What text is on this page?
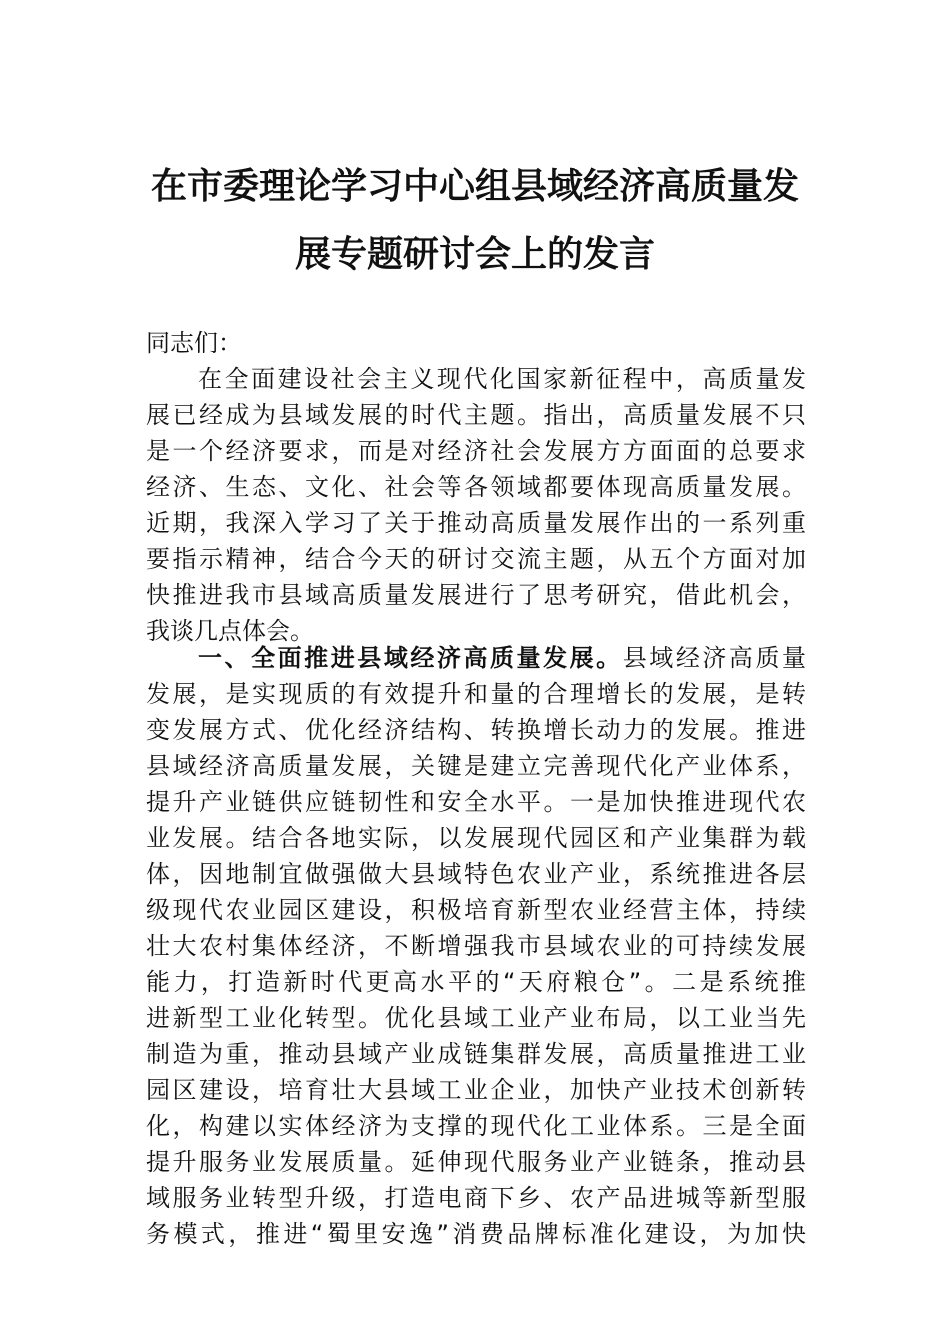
在市委理论学习中心组县域经济高质量发
展专题研讨会上的发言

同志们：

在全面建设社会主义现代化国家新征程中，高质量发
展已经成为县域发展的时代主题。指出，高质量发展不只
是一个经济要求，而是对经济社会发展方方面面的总要求
经济、生态、文化、社会等各领域都要体现高质量发展。
近期，我深入学习了关于推动高质量发展作出的一系列重
要指示精神，结合今天的研讨交流主题，从五个方面对加
快推进我市县域高质量发展进行了思考研究，借此机会，
我谈几点体会。
一、全面推进县域经济高质量发展。县域经济高质量
发展，是实现质的有效提升和量的合理增长的发展，是转
变发展方式、优化经济结构、转换增长动力的发展。推进
县域经济高质量发展，关键是建立完善现代化产业体系，
提升产业链供应链韧性和安全水平。一是加快推进现代农
业发展。结合各地实际，以发展现代园区和产业集群为载
体，因地制宜做强做大县域特色农业产业，系统推进各层
级现代农业园区建设，积极培育新型农业经营主体，持续
壮大农村集体经济，不断增强我市县域农业的可持续发展
能力，打造新时代更高水平的“天府粮仓”。二是系统推
进新型工业化转型。优化县域工业产业布局，以工业当先
制造为重，推动县域产业成链集群发展，高质量推进工业
园区建设，培育壮大县域工业企业，加快产业技术创新转
化，构建以实体经济为支撑的现代化工业体系。三是全面
提升服务业发展质量。延伸现代服务业产业链条，推动县
域服务业转型升级，打造电商下乡、农产品进城等新型服
务模式，推进“蜀里安逸”消费品牌标准化建设，为加快
